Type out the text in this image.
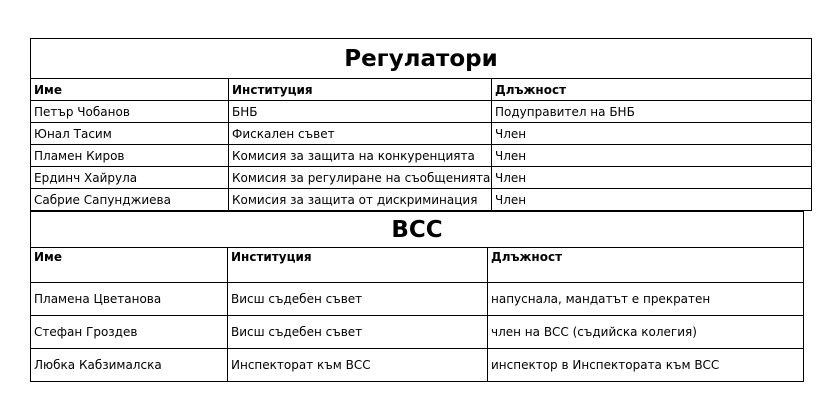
Регулатори		
Име	Институция	Длъжност
Петър Чобанов	БНБ	Подуправител на БНБ
Юнал Тасим	Фискален съвет	Член
Пламен Киров	Комисия за защита на конкуренцията	Член
Ердинч Хайрула	Комисия за регулиране на съобщенията	Член
Сабрие Сапунджиева	Комисия за защита от дискриминация	Член
ВСС		
Име	Институция	Длъжност
Пламена Цветанова	Висш съдебен съвет	напуснала, мандатът е прекратен
Стефан Гроздев	Висш съдебен съвет	член на ВСС (съдийска колегия)
Любка Кабзималска	Инспекторат към ВСС	инспектор в Инспектората към ВСС
